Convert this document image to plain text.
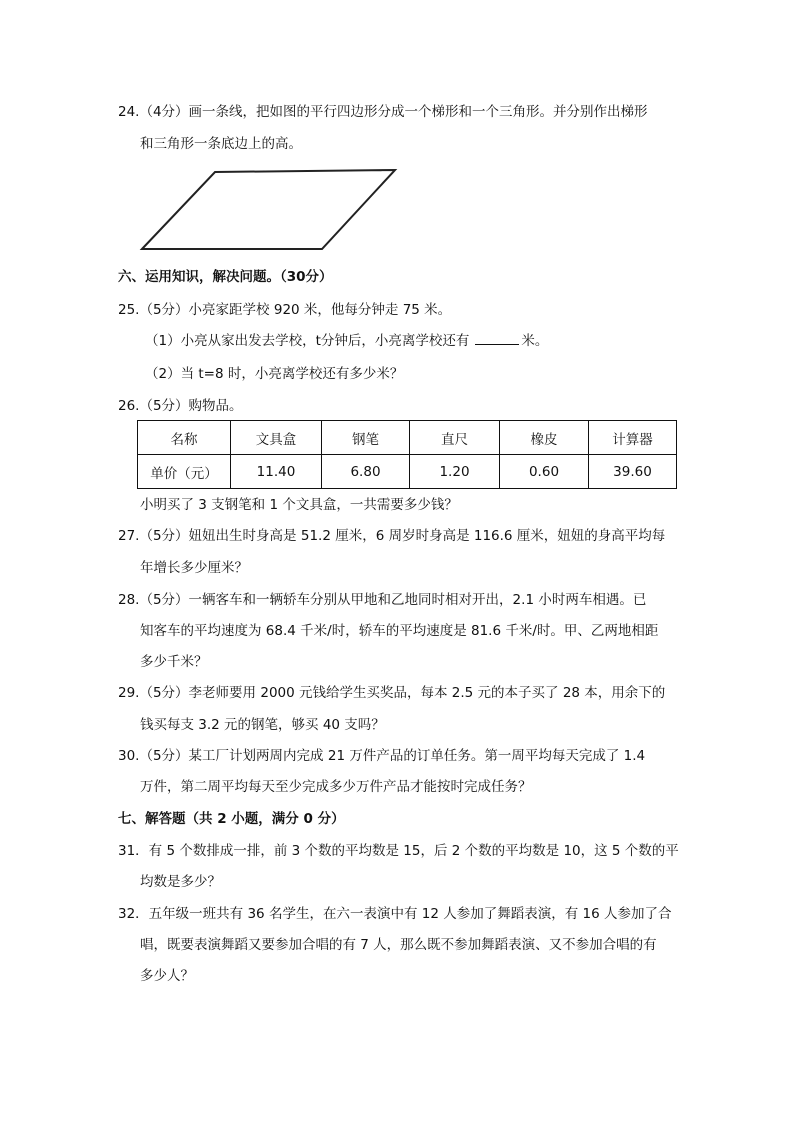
24.（4分）画一条线，把如图的平行四边形分成一个梯形和一个三角形。并分别作出梯形
和三角形一条底边上的高。
六、运用知识，解决问题。（30分）
25.（5分）小亮家距学校 920 米，他每分钟走 75 米。
（1）小亮从家出发去学校，t分钟后，小亮离学校还有	米。
（2）当 t=8 时，小亮离学校还有多少米？
26.（5分）购物品。
名称	文具盒	钢笔	直尺	橡皮	计算器
单价（元）	11.40	6.80	1.20	0.60	39.60
小明买了 3 支钢笔和 1 个文具盒，一共需要多少钱？
27.（5分）妞妞出生时身高是 51.2 厘米，6 周岁时身高是 116.6 厘米，妞妞的身高平均每
年增长多少厘米？
28.（5分）一辆客车和一辆轿车分别从甲地和乙地同时相对开出，2.1 小时两车相遇。已
知客车的平均速度为 68.4 千米/时，轿车的平均速度是 81.6 千米/时。甲、乙两地相距
多少千米？
29.（5分）李老师要用 2000 元钱给学生买奖品，每本 2.5 元的本子买了 28 本，用余下的
钱买每支 3.2 元的钢笔，够买 40 支吗？
30.（5分）某工厂计划两周内完成 21 万件产品的订单任务。第一周平均每天完成了 1.4
万件，第二周平均每天至少完成多少万件产品才能按时完成任务？
七、解答题（共 2 小题，满分 0 分）
31．有 5 个数排成一排，前 3 个数的平均数是 15，后 2 个数的平均数是 10，这 5 个数的平
均数是多少？
32．五年级一班共有 36 名学生，在六一表演中有 12 人参加了舞蹈表演，有 16 人参加了合
唱，既要表演舞蹈又要参加合唱的有 7 人，那么既不参加舞蹈表演、又不参加合唱的有
多少人？
